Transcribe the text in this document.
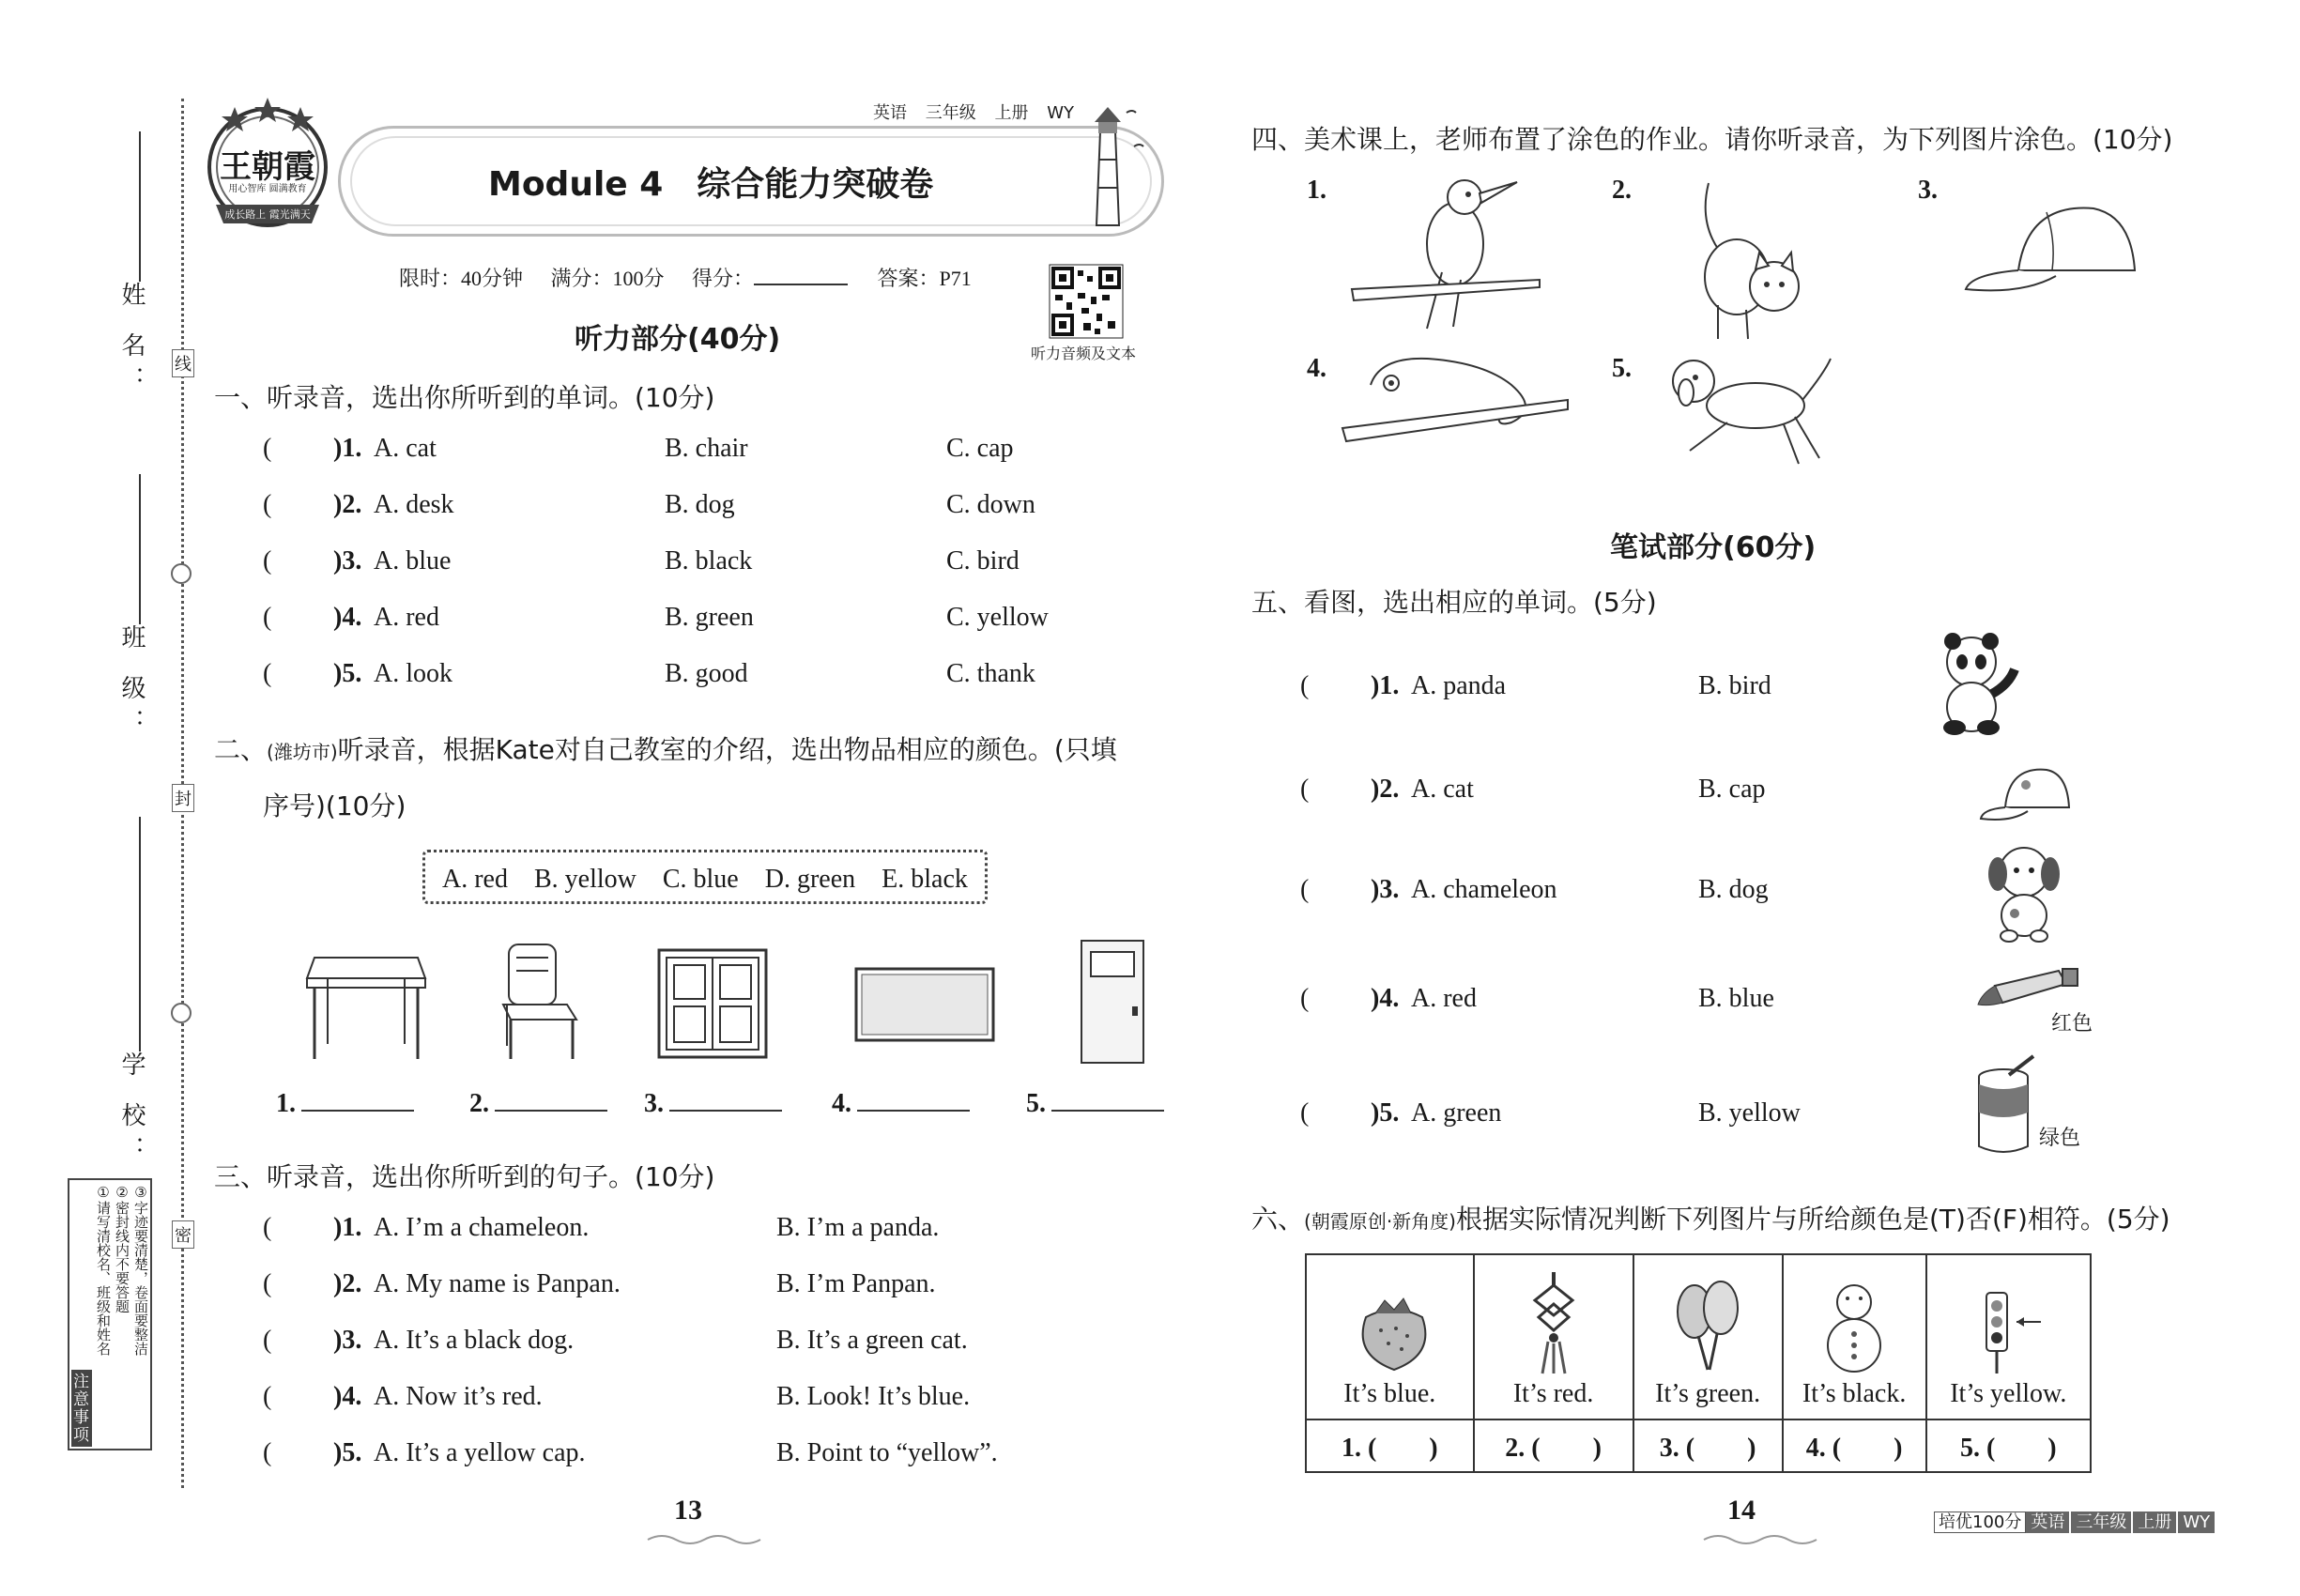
姓 名：
班 级：
学 校：
线
封
密
注意事项
①请写清校名、班级和姓名 ②密封线内不要答题 ③字迹要清楚，卷面要整洁
王朝霞
用心智库 圆满教育
成长路上 霞光满天
英语 三年级 上册 WY
Module 4　综合能力突破卷
限时：40分钟 满分：100分 得分：	答案：P71
听力音频及文本
听力部分(40分)
一、听录音，选出你所听到的单词。(10分)
( )1. A. cat	B. chair	C. cap
( )2. A. desk	B. dog	C. down
( )3. A. blue	B. black	C. bird
( )4. A. red	B. green	C. yellow
( )5. A. look	B. good	C. thank
二、(潍坊市)听录音，根据Kate对自己教室的介绍，选出物品相应的颜色。(只填
序号)(10分)
A. red　B. yellow　C. blue　D. green　E. black
1.	2.	3.	4.	5.
三、听录音，选出你所听到的句子。(10分)
( )1. A. I’m a chameleon.	B. I’m a panda.
( )2. A. My name is Panpan.	B. I’m Panpan.
( )3. A. It’s a black dog.	B. It’s a green cat.
( )4. A. Now it’s red.	B. Look! It’s blue.
( )5. A. It’s a yellow cap.	B. Point to “yellow”.
13
四、美术课上，老师布置了涂色的作业。请你听录音，为下列图片涂色。(10分)
1.	2.	3.
4.	5.
笔试部分(60分)
五、看图，选出相应的单词。(5分)
( )1. A. panda	B. bird
( )2. A. cat	B. cap
( )3. A. chameleon	B. dog
( )4. A. red	B. blue
( )5. A. green	B. yellow
红色
绿色
六、(朝霞原创·新角度)根据实际情况判断下列图片与所给颜色是(T)否(F)相符。(5分)
It’s blue.	It’s red.	It’s green.	It’s black.	It’s yellow.

1. (　　)	2. (　　)	3. (　　)	4. (　　)	5. (　　)
14	培优100分 英语 三年级 上册 WY
